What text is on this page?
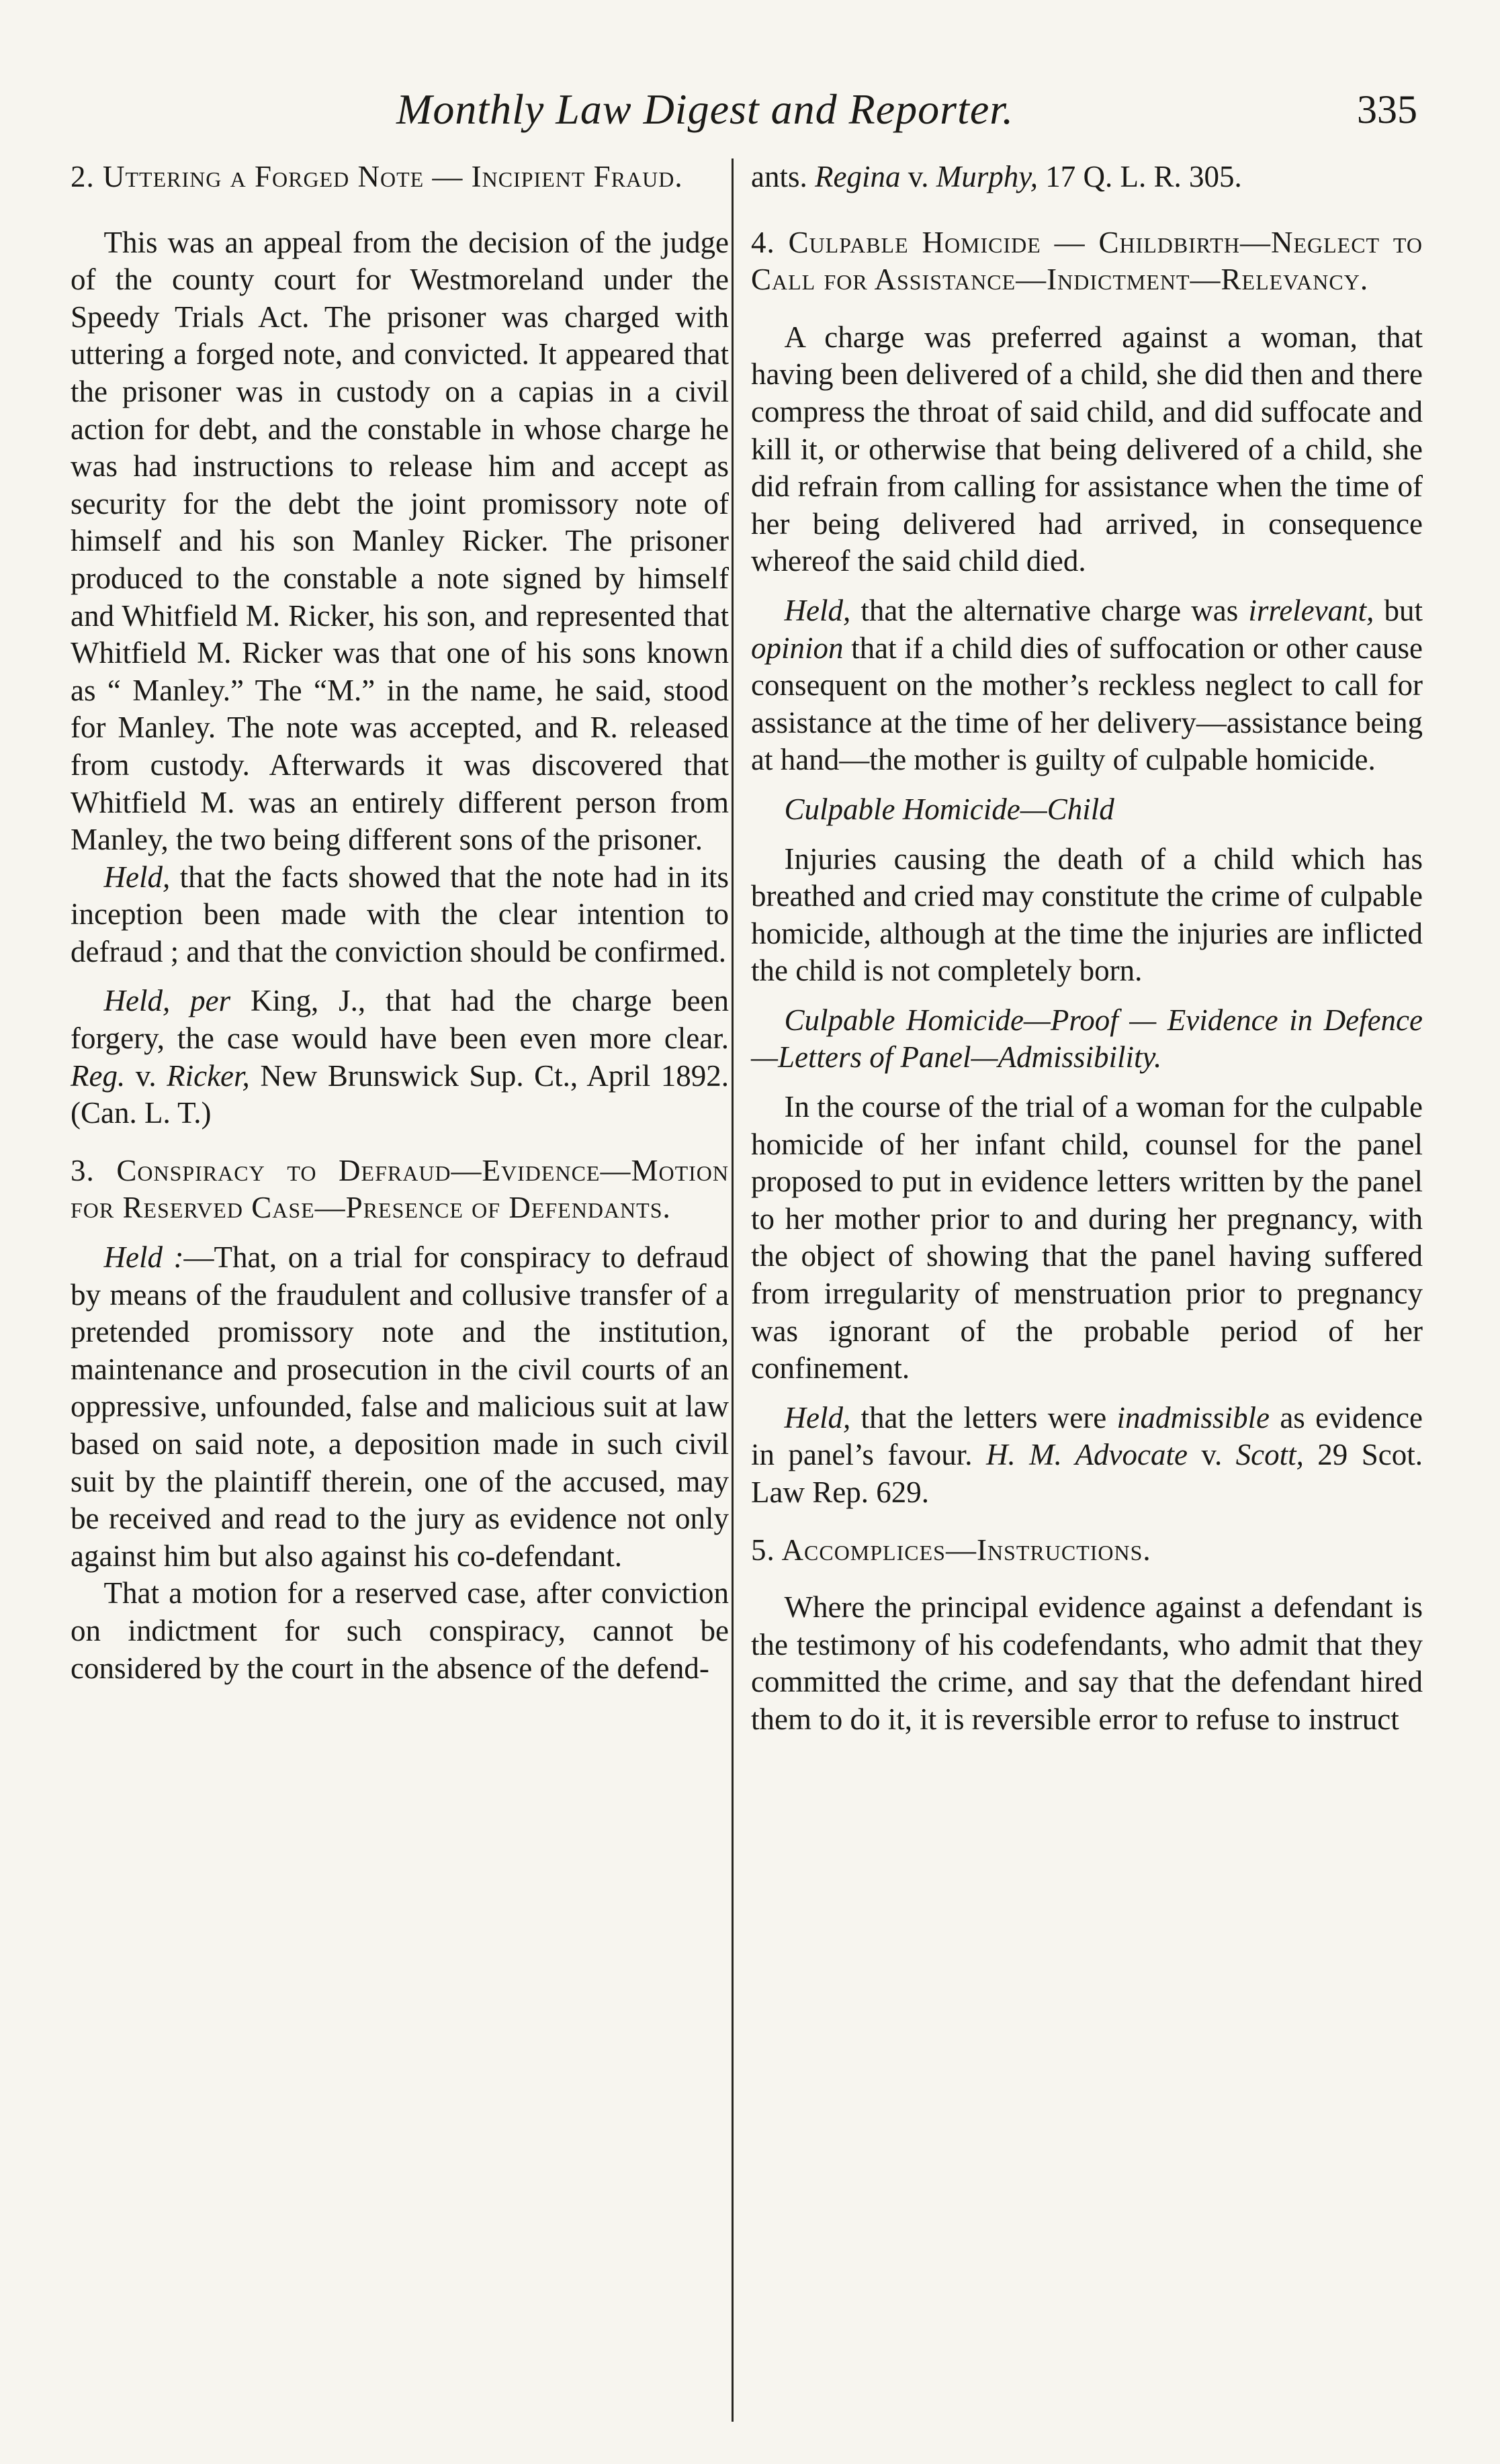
Monthly Law Digest and Reporter.	335

2. Uttering a Forged Note — Incipient Fraud.

This was an appeal from the decision of the judge of the county court for Westmoreland under the Speedy Trials Act. The prisoner was charged with uttering a forged note, and convicted. It appeared that the prisoner was in custody on a capias in a civil action for debt, and the constable in whose charge he was had instructions to release him and accept as security for the debt the joint promissory note of himself and his son Manley Ricker. The prisoner produced to the constable a note signed by himself and Whitfield M. Ricker, his son, and represented that Whitfield M. Ricker was that one of his sons known as “ Manley.” The “M.” in the name, he said, stood for Manley. The note was accepted, and R. released from custody. Afterwards it was discovered that Whitfield M. was an entirely different person from Manley, the two being different sons of the prisoner.

Held, that the facts showed that the note had in its inception been made with the clear intention to defraud ; and that the conviction should be confirmed.

Held, per King, J., that had the charge been forgery, the case would have been even more clear. Reg. v. Ricker, New Brunswick Sup. Ct., April 1892. (Can. L. T.)

3. Conspiracy to Defraud—Evidence—Motion for Reserved Case—Presence of Defendants.

Held :—That, on a trial for conspiracy to defraud by means of the fraudulent and collusive transfer of a pretended promissory note and the institution, maintenance and prosecution in the civil courts of an oppressive, unfounded, false and malicious suit at law based on said note, a deposition made in such civil suit by the plaintiff therein, one of the accused, may be received and read to the jury as evidence not only against him but also against his co-defendant.

That a motion for a reserved case, after conviction on indictment for such conspiracy, cannot be considered by the court in the absence of the defend-

ants. Regina v. Murphy, 17 Q. L. R. 305.

4. Culpable Homicide — Childbirth—Neglect to Call for Assistance—Indictment—Relevancy.

A charge was preferred against a woman, that having been delivered of a child, she did then and there compress the throat of said child, and did suffocate and kill it, or otherwise that being delivered of a child, she did refrain from calling for assistance when the time of her being delivered had arrived, in consequence whereof the said child died.

Held, that the alternative charge was irrelevant, but opinion that if a child dies of suffocation or other cause consequent on the mother’s reckless neglect to call for assistance at the time of her delivery—assistance being at hand—the mother is guilty of culpable homicide.

Culpable Homicide—Child

Injuries causing the death of a child which has breathed and cried may constitute the crime of culpable homicide, although at the time the injuries are inflicted the child is not completely born.

Culpable Homicide—Proof — Evidence in Defence—Letters of Panel—Admissibility.

In the course of the trial of a woman for the culpable homicide of her infant child, counsel for the panel proposed to put in evidence letters written by the panel to her mother prior to and during her pregnancy, with the object of showing that the panel having suffered from irregularity of menstruation prior to pregnancy was ignorant of the probable period of her confinement.

Held, that the letters were inadmissible as evidence in panel’s favour. H. M. Advocate v. Scott, 29 Scot. Law Rep. 629.

5. Accomplices—Instructions.

Where the principal evidence against a defendant is the testimony of his codefendants, who admit that they committed the crime, and say that the defendant hired them to do it, it is reversible error to refuse to instruct
